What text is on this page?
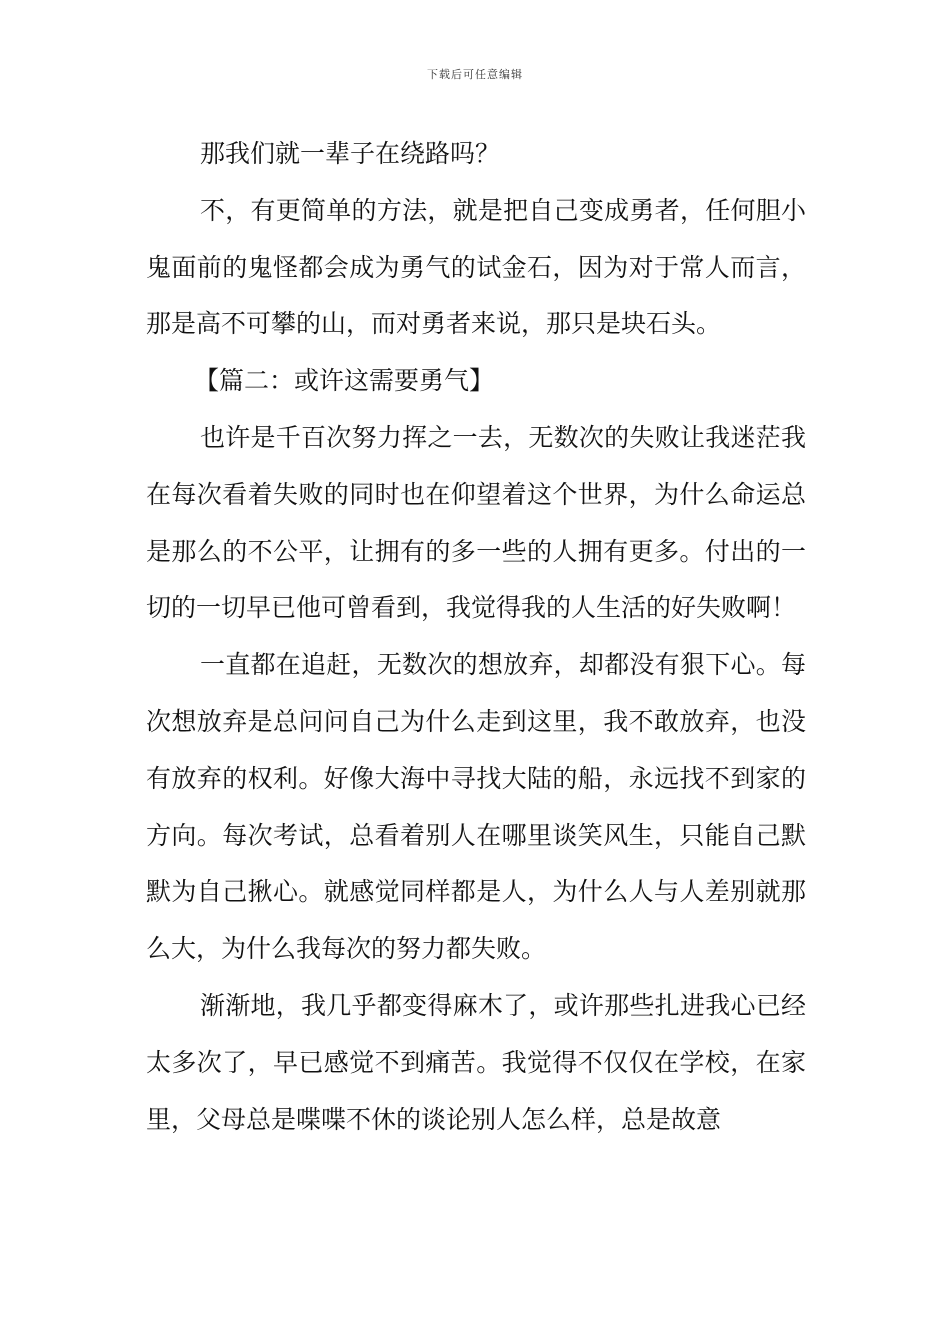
下载后可任意编辑

那我们就一辈子在绕路吗？

不，有更简单的方法，就是把自己变成勇者，任何胆小鬼面前的鬼怪都会成为勇气的试金石，因为对于常人而言，那是高不可攀的山，而对勇者来说，那只是块石头。

【篇二：或许这需要勇气】

也许是千百次努力挥之一去，无数次的失败让我迷茫我在每次看着失败的同时也在仰望着这个世界，为什么命运总是那么的不公平，让拥有的多一些的人拥有更多。付出的一切的一切早已他可曾看到，我觉得我的人生活的好失败啊！

一直都在追赶，无数次的想放弃，却都没有狠下心。每次想放弃是总问问自己为什么走到这里，我不敢放弃，也没有放弃的权利。好像大海中寻找大陆的船，永远找不到家的方向。每次考试，总看着别人在哪里谈笑风生，只能自己默默为自己揪心。就感觉同样都是人，为什么人与人差别就那么大，为什么我每次的努力都失败。

渐渐地，我几乎都变得麻木了，或许那些扎进我心已经太多次了，早已感觉不到痛苦。我觉得不仅仅在学校，在家里，父母总是喋喋不休的谈论别人怎么样，总是故意
